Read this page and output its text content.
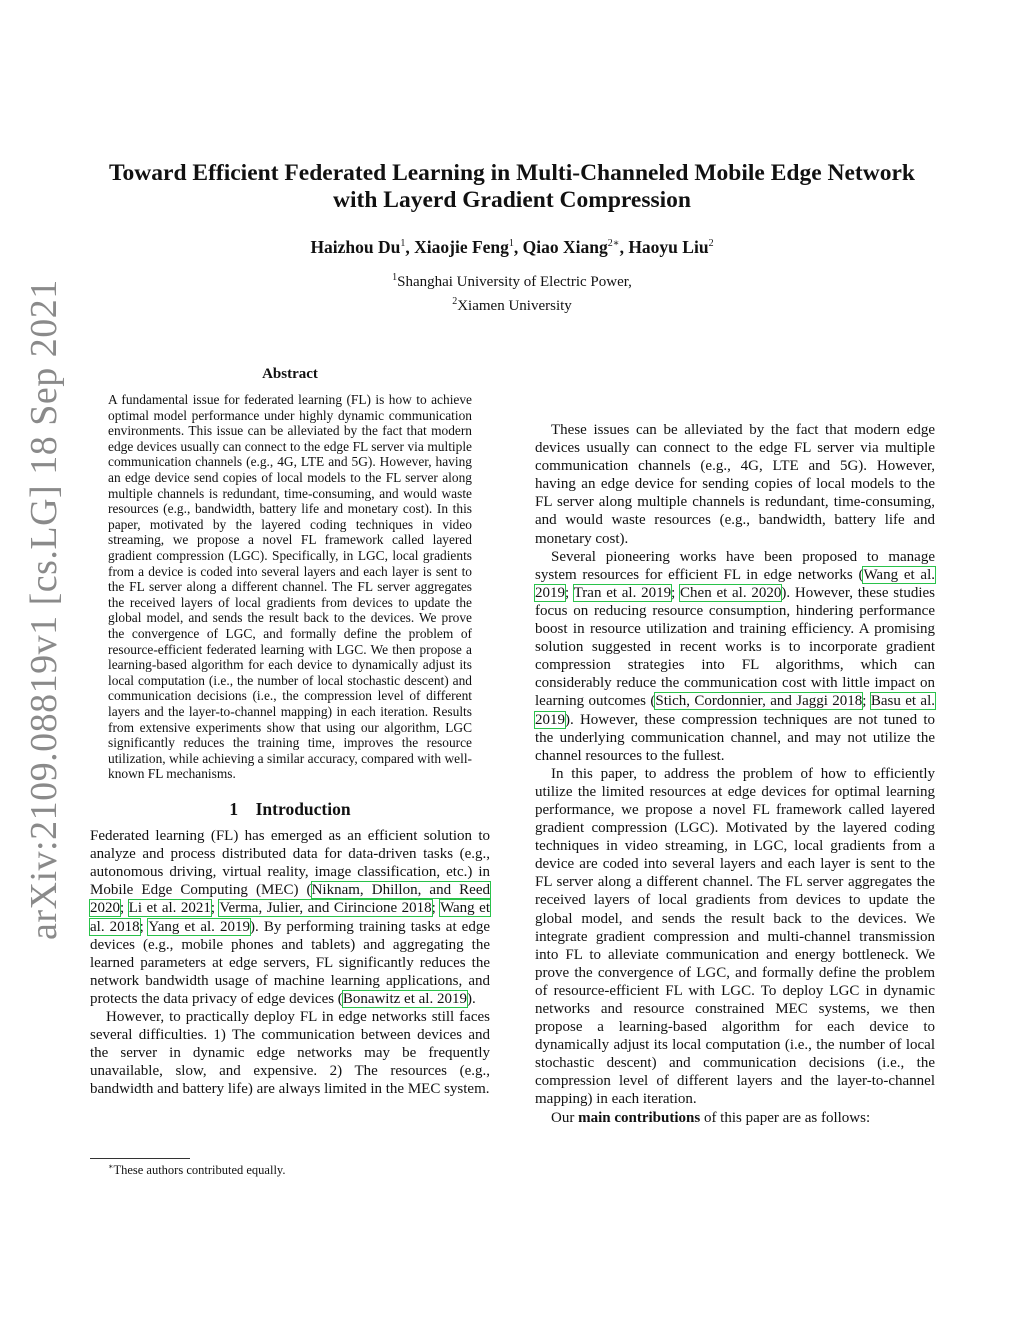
arXiv:2109.08819v1 [cs.LG] 18 Sep 2021
Toward Efficient Federated Learning in Multi-Channeled Mobile Edge Network
with Layerd Gradient Compression
Haizhou Du$^1$, Xiaojie Feng$^1$, Qiao Xiang$^{2∗}$, Haoyu Liu$^2$
$^1$Shanghai University of Electric Power,
$^2$Xiamen University
Abstract

A fundamental issue for federated learning (FL) is how to achieve optimal model performance under highly dynamic communication environments. This issue can be alleviated by the fact that modern edge devices usually can connect to the edge FL server via multiple communication channels (e.g., 4G, LTE and 5G). However, having an edge device send copies of local models to the FL server along multiple channels is redundant, time-consuming, and would waste resources (e.g., bandwidth, battery life and monetary cost). In this paper, motivated by the layered coding techniques in video streaming, we propose a novel FL framework called layered gradient compression (LGC). Specifically, in LGC, local gradients from a device is coded into several layers and each layer is sent to the FL server along a different channel. The FL server aggregates the received layers of local gradients from devices to update the global model, and sends the result back to the devices. We prove the convergence of LGC, and formally define the problem of resource-efficient federated learning with LGC. We then propose a learning-based algorithm for each device to dynamically adjust its local computation (i.e., the number of local stochastic descent) and communication decisions (i.e., the compression level of different layers and the layer-to-channel mapping) in each iteration. Results from extensive experiments show that using our algorithm, LGC significantly reduces the training time, improves the resource utilization, while achieving a similar accuracy, compared with well-known FL mechanisms.

1 Introduction

Federated learning (FL) has emerged as an efficient solution to analyze and process distributed data for data-driven tasks (e.g., autonomous driving, virtual reality, image classification, etc.) in Mobile Edge Computing (MEC) (Niknam, Dhillon, and Reed 2020; Li et al. 2021; Verma, Julier, and Cirincione 2018; Wang et al. 2018; Yang et al. 2019). By performing training tasks at edge devices (e.g., mobile phones and tablets) and aggregating the learned parameters at edge servers, FL significantly reduces the network bandwidth usage of machine learning applications, and protects the data privacy of edge devices (Bonawitz et al. 2019).

However, to practically deploy FL in edge networks still faces several difficulties. 1) The communication between devices and the server in dynamic edge networks may be frequently unavailable, slow, and expensive. 2) The resources (e.g., bandwidth and battery life) are always limited in the MEC system.

These issues can be alleviated by the fact that modern edge devices usually can connect to the edge FL server via multiple communication channels (e.g., 4G, LTE and 5G). However, having an edge device for sending copies of local models to the FL server along multiple channels is redundant, time-consuming, and would waste resources (e.g., bandwidth, battery life and monetary cost).

Several pioneering works have been proposed to manage system resources for efficient FL in edge networks (Wang et al. 2019; Tran et al. 2019; Chen et al. 2020). However, these studies focus on reducing resource consumption, hindering performance boost in resource utilization and training efficiency. A promising solution suggested in recent works is to incorporate gradient compression strategies into FL algorithms, which can considerably reduce the communication cost with little impact on learning outcomes (Stich, Cordonnier, and Jaggi 2018; Basu et al. 2019). However, these compression techniques are not tuned to the underlying communication channel, and may not utilize the channel resources to the fullest.

In this paper, to address the problem of how to efficiently utilize the limited resources at edge devices for optimal learning performance, we propose a novel FL framework called layered gradient compression (LGC). Motivated by the layered coding techniques in video streaming, in LGC, local gradients from a device are coded into several layers and each layer is sent to the FL server along a different channel. The FL server aggregates the received layers of local gradients from devices to update the global model, and sends the result back to the devices. We integrate gradient compression and multi-channel transmission into FL to alleviate communication and energy bottleneck. We prove the convergence of LGC, and formally define the problem of resource-efficient FL with LGC. To deploy LGC in dynamic networks and resource constrained MEC systems, we then propose a learning-based algorithm for each device to dynamically adjust its local computation (i.e., the number of local stochastic descent) and communication decisions (i.e., the compression level of different layers and the layer-to-channel mapping) in each iteration.

Our main contributions of this paper are as follows:

∗These authors contributed equally.
